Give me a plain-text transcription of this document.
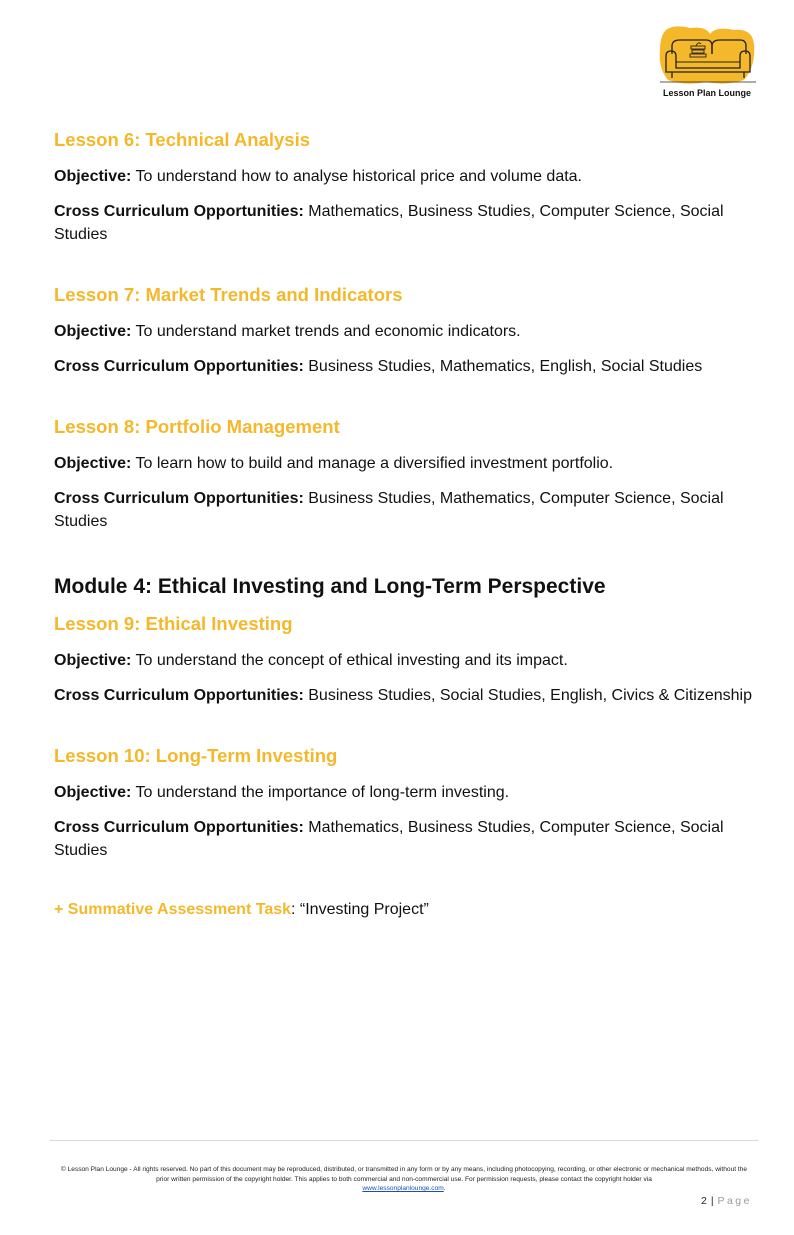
Lesson Plan Lounge
Lesson 6: Technical Analysis
Objective: To understand how to analyse historical price and volume data.
Cross Curriculum Opportunities: Mathematics, Business Studies, Computer Science, Social Studies
Lesson 7: Market Trends and Indicators
Objective: To understand market trends and economic indicators.
Cross Curriculum Opportunities: Business Studies, Mathematics, English, Social Studies
Lesson 8: Portfolio Management
Objective: To learn how to build and manage a diversified investment portfolio.
Cross Curriculum Opportunities: Business Studies, Mathematics, Computer Science, Social Studies
Module 4: Ethical Investing and Long-Term Perspective
Lesson 9: Ethical Investing
Objective: To understand the concept of ethical investing and its impact.
Cross Curriculum Opportunities: Business Studies, Social Studies, English, Civics & Citizenship
Lesson 10: Long-Term Investing
Objective: To understand the importance of long-term investing.
Cross Curriculum Opportunities: Mathematics, Business Studies, Computer Science, Social Studies
+ Summative Assessment Task: “Investing Project”
© Lesson Plan Lounge - All rights reserved. No part of this document may be reproduced, distributed, or transmitted in any form or by any means, including photocopying, recording, or other electronic or mechanical methods, without the prior written permission of the copyright holder. This applies to both commercial and non-commercial use. For permission requests, please contact the copyright holder via
www.lessonplanlounge.com.
2 | Page
